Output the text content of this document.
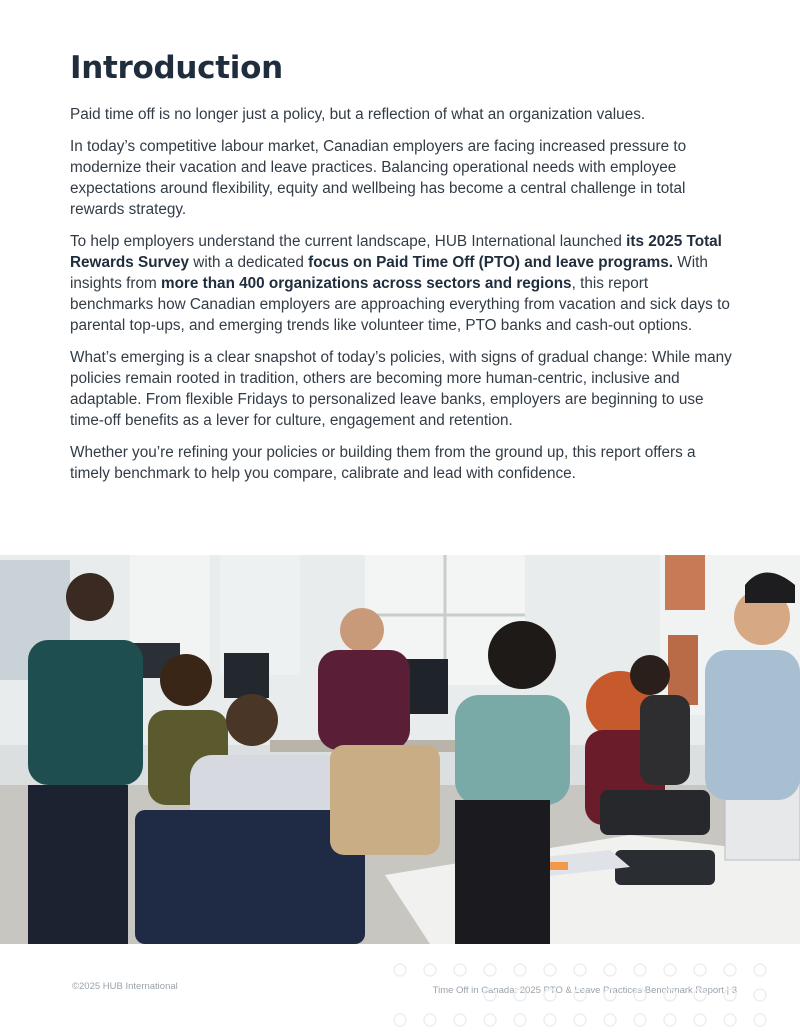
Introduction

Paid time off is no longer just a policy, but a reflection of what an organization values.

In today’s competitive labour market, Canadian employers are facing increased pressure to modernize their vacation and leave practices. Balancing operational needs with employee expectations around flexibility, equity and wellbeing has become a central challenge in total rewards strategy.

To help employers understand the current landscape, HUB International launched its 2025 Total Rewards Survey with a dedicated focus on Paid Time Off (PTO) and leave programs. With insights from more than 400 organizations across sectors and regions, this report benchmarks how Canadian employers are approaching everything from vacation and sick days to parental top-ups, and emerging trends like volunteer time, PTO banks and cash-out options.

What’s emerging is a clear snapshot of today’s policies, with signs of gradual change: While many policies remain rooted in tradition, others are becoming more human-centric, inclusive and adaptable. From flexible Fridays to personalized leave banks, employers are beginning to use time-off benefits as a lever for culture, engagement and retention.

Whether you’re refining your policies or building them from the ground up, this report offers a timely benchmark to help you compare, calibrate and lead with confidence.

©2025 HUB International	Time Off in Canada: 2025 PTO & Leave Practices Benchmark Report | 3
